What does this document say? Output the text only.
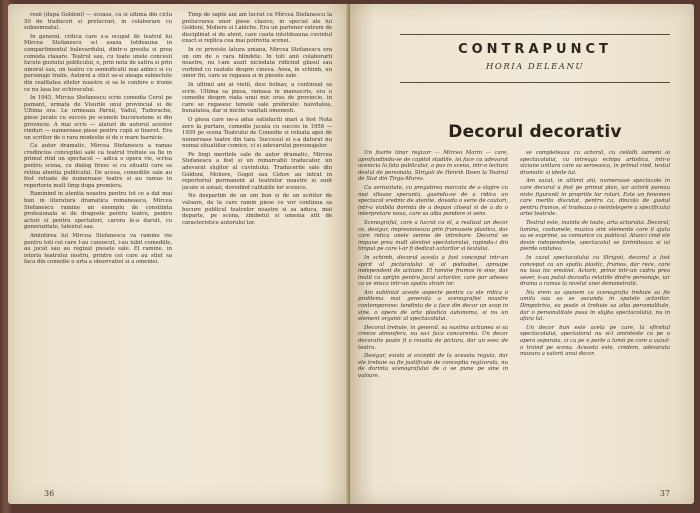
rosii (dupa Goldoni) — scoasa, ca si ultima din ciclu 50 de traduceri si prelucrari, in colaborare cu subsemnatul.

In general, critica care s-a ocupat de teatrul lui Mircea Stefanescu a-l asaza totdeauna in compartimentul bulevardului, dintr-o gresita si prea comoda clasare. Teatrul sau, cu toate unele concesii facute gustului publicului, e, prin nota de satira si prin umorul sau, un teatru cu semnificatii mai adinci si cu personaje traite. Autorul a stiut sa-si aleaga subiectele din realitatea zilelor noastre si sa le confere o ironie ce nu lasa loc echivocului.

In 1945, Mircea Stefanescu scrie comedia Cerul pe pamant, urmata de Visurile unui provincial si de Ultima ora. Le urmeaza Pariul, Vadul, Tudorache, piese jucate cu succes pe scenele bucurestene si din provincie. A mai scris — alaturi de autorul acestor rinduri — numeroase piese pentru copii si tineret. Era un scriitor de o rara modestie si de o mare harnicie.

Ca autor dramatic, Mircea Stefanescu a ramas credincios conceptiei sale ca teatrul trebuie sa fie in primul rind un spectacol — adica o opera vie, scrisa pentru scena, cu dialog firesc si cu situatii care sa retina atentia publicului. De aceea, comediile sale au fost reluate de numeroase teatre si au ramas in repertoriu mult timp dupa premiera.

Raminind in atentia noastra pentru tot ce a dat mai bun in literatura dramatica romaneasca, Mircea Stefanescu ramine un exemplu de constiinta profesionala si de dragoste pentru teatru, pentru actori si pentru spectatori, carora le-a daruit, cu generozitate, talentul sau.

Amintirea lui Mircea Stefanescu va ramine vie pentru toti cei care l-au cunoscut, i-au iubit comediile, au jucat sau au regizat piesele sale. El ramine, in istoria teatrului nostru, printre cei care au stiut sa faca din comedie o arta a observatiei si a omeniei.

Timp de sapte ani am lucrat cu Mircea Stefanescu la prelucrarea unor piese clasice, in special ale lui Goldoni, Moliere si Labiche. Era un partener extrem de disciplinat si de atent, care cauta intotdeauna cuvintul exact si replica cea mai potrivita scenei.

In ce priveste latura umana, Mircea Stefanescu era un om de o rara blindete. In toti anii colaborarii noastre, nu l-am auzit niciodata ridicind glasul sau vorbind cu rautate despre cineva. Avea, in schimb, un umor fin, care se regasea si in piesele sale.

In ultimii ani ai vietii, desi bolnav, a continuat sa scrie. Ultima sa piesa, ramasa in manuscris, era o comedie despre viata unui mic oras de provincie, in care se regasesc temele sale preferate: naivitatea, bunatatea, dar si micile vanitati omenesti.

O piesa care ne-a adus satisfactii mari a fost Nota zero la purtare, comedie jucata cu succes in 1958 — 1959 pe scena Teatrului de Comedie si reluata apoi de numeroase teatre din tara. Succesul ei s-a datorat nu numai situatiilor comice, ci si adevarului personajelor.

Pe lingi meritele sale de autor dramatic, Mircea Stefanescu a fost si un remarcabil traducator, un adevarat slujitor al cuvintului. Traducerile sale din Goldoni, Moliere, Gogol sau Cehov au intrat in repertoriul permanent al teatrelor noastre si sunt jucate si astazi, dovedind calitatile lor scenice.

Ne despartim de un om bun si de un scriitor de valoare, de la care ramin piese ce vor continua sa bucure publicul teatrelor noastre si sa aduca, mai departe, pe scena, zimbetul si omenia atit de caracteristice autorului lor.

36
CONTRAPUNCT
HORIA DELEANU
Decorul decorativ

Un foarte tinar regizor — Mircea Marin — care, aprofundindu-se de capitol stadiile, isi face cu adevarat ucenicia la fata publicului, a pus in scena, intr-o lectura destul de personala, Strigoii de Henrik Ibsen la Teatrul de Stat din Tirgu-Mures.

Cu seriozitate, cu pregatirea marcata de o slujire cu mai sfioase speranta, gasindu-se de a ridica un spectacol vrednic de atentie, dovada o serie de cautari, intr-o vizibila dorinta de a depasi cliseul si de a da o interpretare noua, care sa aiba pondere si sens.

Scenograful, care a lucrat cu el, a realizat un decor ce, desigur, impresioneaza prin frumusete plastica, dar care ridica unele semne de intrebare. Decorul se impune prea mult atentiei spectatorului, rapindu-i din timpul pe care l-ar fi dedicat actorilor si textului.

In schimb, decorul acesta a fost conceput intr-un spirit al picturalului si al podoabei, aproape independent de actiune. El ramine frumos in sine, dar inutil ca sprijin pentru jocul actorilor, care par adesea ca se misca intr-un spatiu strain lor.

Am subliniat aceste aspecte pentru ca ele ridica o problema mai generala a scenografiei noastre contemporane: tendinta de a face din decor un scop in sine, o opera de arta plastica autonoma, si nu un element organic al spectacolului.

Decorul trebuie, in general, sa sustina actiunea si sa creeze atmosfera, nu sa-i faca concurenta. Un decor decorativ poate fi o reusita de pictura, dar un esec de teatru.

Desigur, exista si exceptii de la aceasta regula, dar ele trebuie sa fie justificate de conceptia regizorala, nu de dorinta scenografului de a se pune pe sine in valoare.

se completeaza cu actorul, cu ceilalti oameni ai spectacolului, cu intreaga echipa artistica, intr-o viziune unitara care sa serveasca, in primul rind, textul dramatic si ideile lui.

Am vazut, in ultimii ani, numeroase spectacole in care decorul a fost pe primul plan, iar actorii pareau niste figuranti in propriile lor roluri. Este un fenomen care merita discutat, pentru ca, dincolo de gustul pentru frumos, el tradeaza o neintelegere a specificului artei teatrale.

Teatrul este, inainte de toate, arta actorului. Decorul, lumina, costumele, muzica sint elemente care il ajuta sa se exprime, sa comunice cu publicul. Atunci cind ele devin independente, spectacolul se farimiteaza si isi pierde unitatea.

In cazul spectacolului cu Strigoii, decorul a fost conceput ca un spatiu plastic, frumos, dar rece, care nu lasa loc emotiei. Actorii, prinsi intr-un cadru prea sever, n-au putut dezvolta relatiile dintre personaje, iar drama a ramas la nivelul unei demonstratii.

Nu vrem sa spunem ca scenografia trebuie sa fie umila sau sa se ascunda in spatele actorilor. Dimpotriva, ea poate si trebuie sa aiba personalitate, dar o personalitate pusa in slujba spectacolului, nu in afara lui.

Un decor bun este acela pe care, la sfirsitul spectacolului, spectatorul nu si-l aminteste ca pe o opera separata, ci ca pe o parte a lumii pe care a vazut-o traind pe scena. Aceasta este, credem, adevarata masura a valorii unui decor.

37
